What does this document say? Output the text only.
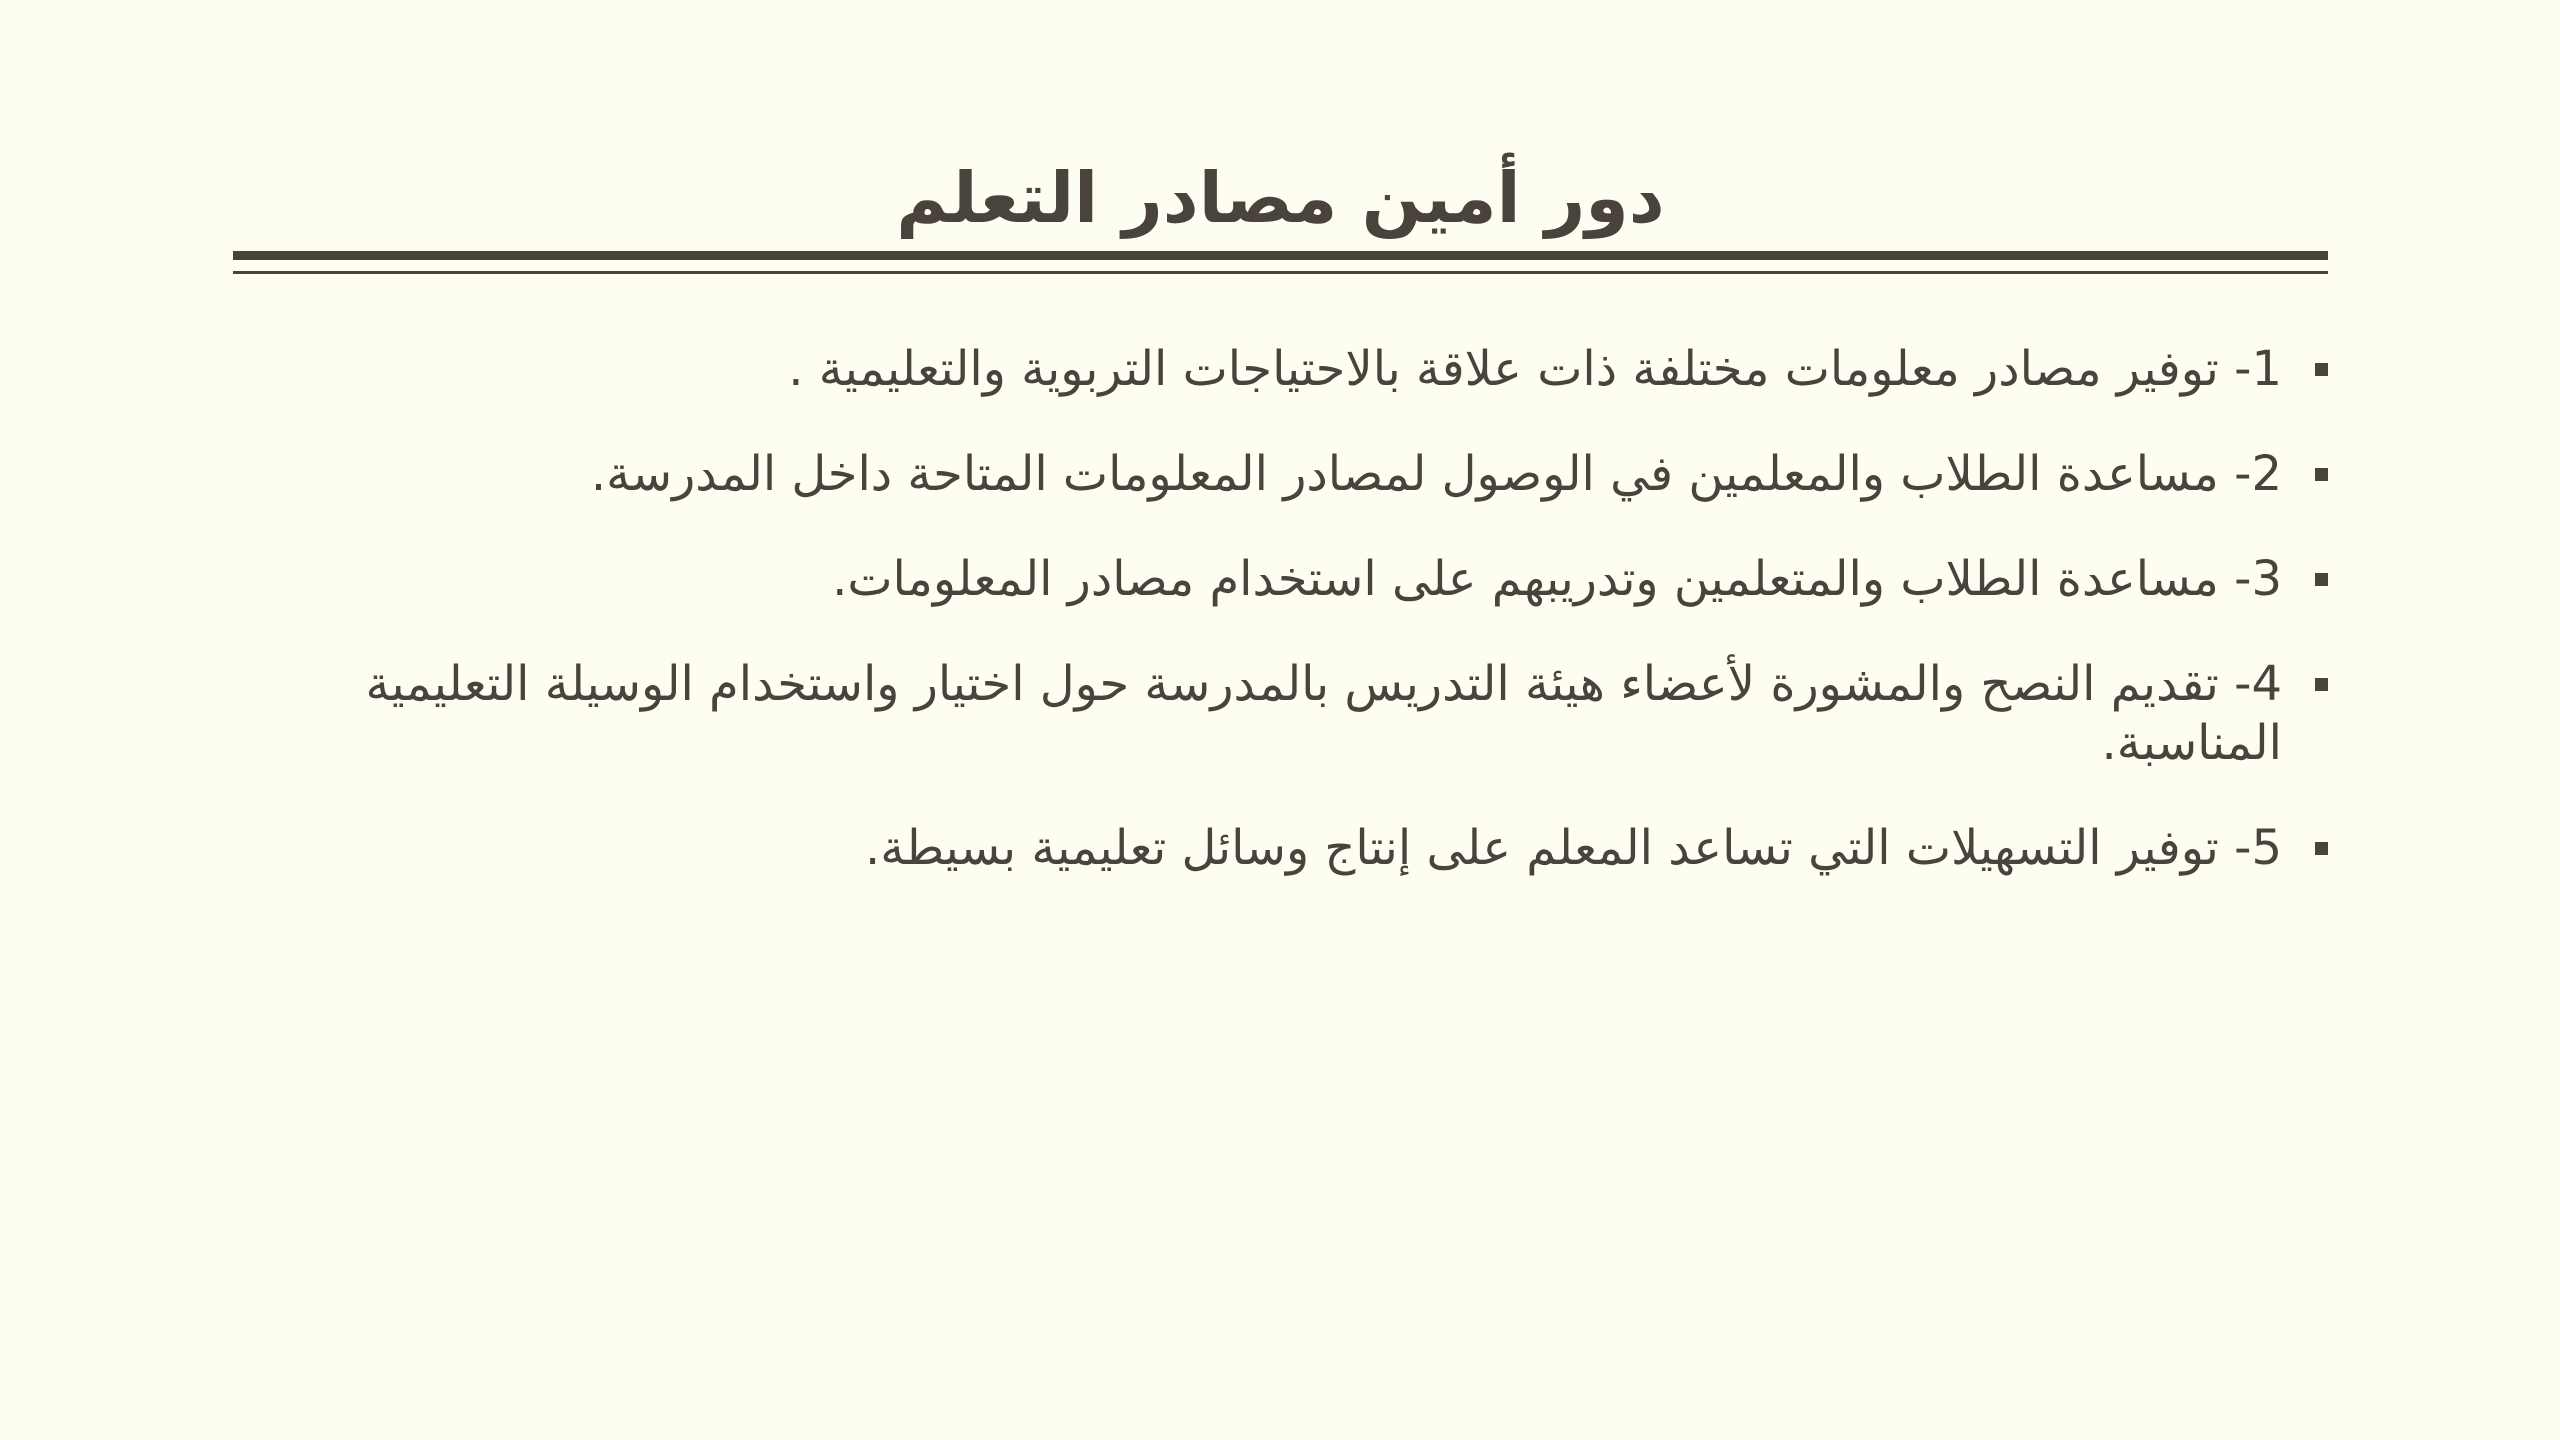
دور أمين مصادر التعلم
1- توفير مصادر معلومات مختلفة ذات علاقة بالاحتياجات التربوية والتعليمية .
2- مساعدة الطلاب والمعلمين في الوصول لمصادر المعلومات المتاحة داخل المدرسة.
3- مساعدة الطلاب والمتعلمين وتدريبهم على استخدام مصادر المعلومات.
4- تقديم النصح والمشورة لأعضاء هيئة التدريس بالمدرسة حول اختيار واستخدام الوسيلة التعليمية المناسبة.
5- توفير التسهيلات التي تساعد المعلم على إنتاج وسائل تعليمية بسيطة.
